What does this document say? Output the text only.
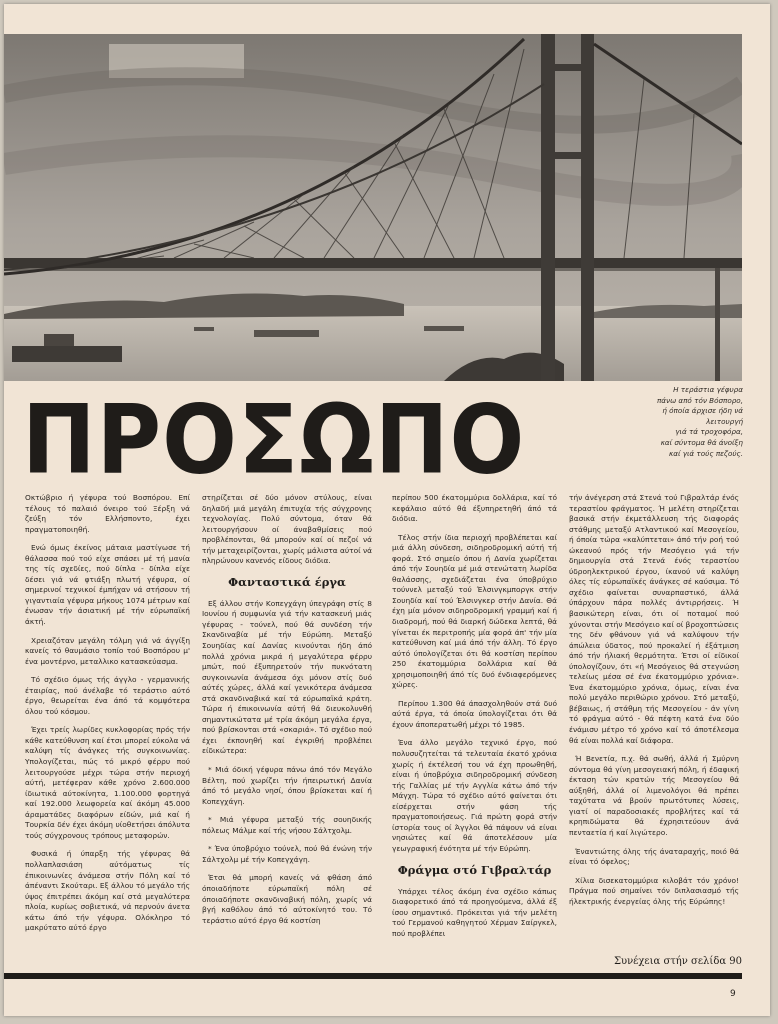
Η τεράστια γέφυρα
πάνω από τόν Βόσπορο,
ή όποία άρχισε ήδη νά λειτουργή
γιά τά τροχοφόρα,
καί σύντομα θά άνοίξη
καί γιά τούς πεζούς.
ΠΡΟΣΩΠΟ

Οκτώβριο ή γέφυρα τού Βοσπόρου. Επί τέλους τό παλαιό όνειρο τού Ξέρξη νά ζεύξη τόν Ελλήσποντο, έχει πραγματοποιηθή.

Ενώ όμως έκείνος μάταια μαστίγωσε τή θάλασσα πού τού είχε σπάσει μέ τή μανία της τίς σχεδίες, πού δίπλα - δίπλα είχε δέσει γιά νά φτιάξη πλωτή γέφυρα, οί σημερινοί τεχνικοί έμπήχαν νά στήσουν τή γιγαντιαία γέφυρα μήκους 1074 μέτρων καί ένωσαν τήν άσιατική μέ τήν εύρωπαϊκή άκτή.

Χρειαζόταν μεγάλη τόλμη γιά νά άγγίξη κανείς τό θαυμάσιο τοπίο τού Βοσπόρου μ' ένα μοντέρνο, μεταλλικο κατασκεύασμα.

Τό σχέδιο όμως τής άγγλο - γερμανικής έταιρίας, πού άνέλαβε τό τεράστιο αύτό έργο, θεωρείται ένα άπό τά κομψότερα όλου τού κόσμου.

Έχει τρείς λωρίδες κυκλοφορίας πρός τήν κάθε κατεύθυνση καί έτσι μπορεί εύκολα νά καλύψη τίς άνάγκες τής συγκοινωνίας. Υπολογίζεται, πώς τό μικρό φέρρυ πού λειτουργούσε μέχρι τώρα στήν περιοχή αύτή, μετέφεραν κάθε χρόνο 2.600.000 ίδιωτικά αύτοκίνητα, 1.100.000 φορτηγά καί 192.000 λεωφορεία καί άκόμη 45.000 άραματάδες διαφόρων είδών, μιά καί ή Τουρκία δέν έχει άκόμη υίοθετήσει άπόλυτα τούς σύγχρονους τρόπους μεταφορών.

Φυσικά ή ύπαρξη τής γέφυρας θά πολλαπλασιάση αύτόματως τίς έπικοινωνίες άνάμεσα στήν Πόλη καί τό άπέναντι Σκούταρι. Εξ άλλου τό μεγάλο τής ύψος έπιτρέπει άκόμη καί στά μεγαλύτερα πλοία, κυρίως σοβιετικά, νά περνούν άνετα κάτω άπό τήν γέφυρα. Ολόκληρο τό μακρύτατο αύτό έργο

στηρίζεται σέ δύο μόνον στύλους, είναι δηλαδή μιά μεγάλη έπιτυχία τής σύγχρονης τεχνολογίας. Πολύ σύντομα, όταν θά λειτουργήσουν οί άναβαθμίσεις πού προβλέπονται, θά μπορούν καί οί πεζοί νά τήν μεταχειρίζονται, χωρίς μάλιστα αύτοί νά πληρώνουν κανενός είδους διόδια.

Φανταστικά έργα

Εξ άλλου στήν Κοπεγχάγη ύπεγράφη στίς 8 Ιουνίου ή συμφωνία γιά τήν κατασκευή μιάς γέφυρας - τούνελ, πού θά συνδέση τήν Σκανδιναβία μέ τήν Εύρώπη. Μεταξύ Σουηδίας καί Δανίας κινούνται ήδη άπό πολλά χρόνια μικρά ή μεγαλύτερα φέρρυ μπώτ, πού έξυπηρετούν τήν πυκνότατη συγκοινωνία άνάμεσα όχι μόνον στίς δυό αύτές χώρες, άλλά καί γενικότερα άνάμεσα στά σκανδιναβικά καί τά εύρωπαϊκά κράτη. Τώρα ή έπικοινωνία αύτή θά διευκολυνθή σημαντικώτατα μέ τρία άκόμη μεγάλα έργα, πού βρίσκονται στά «σκαριά». Τό σχέδιο πού έχει έκπονηθή καί έγκριθή προβλέπει είδικώτερα:

* Μιά όδική γέφυρα πάνω άπό τόν Μεγάλο Βέλτη, πού χωρίζει τήν ήπειρωτική Δανία άπό τό μεγάλο νησί, όπου βρίσκεται καί ή Κοπεγχάγη.

* Μιά γέφυρα μεταξύ τής σουηδικής πόλεως Μάλμε καί τής νήσου Σάλτχολμ.

* Ένα ύποβρύχιο τούνελ, πού θά ένώνη τήν Σάλτχολμ μέ τήν Κοπεγχάγη.

Έτσι θά μπορή κανείς νά φθάση άπό όποιαδήποτε εύρωπαϊκή πόλη σέ όποιαδήποτε σκανδιναβική πόλη, χωρίς νά βγή καθόλου άπό τό αύτοκίνητό του. Τό τεράστιο αύτό έργο θά κοστίση

περίπου 500 έκατομμύρια δολλάρια, καί τό κεφάλαιο αύτό θά έξυπηρετηθή άπό τά διόδια.

Τέλος στήν ίδια περιοχή προβλέπεται καί μιά άλλη σύνδεση, σιδηροδρομική αύτή τή φορά. Στό σημείο όπου ή Δανία χωρίζεται άπό τήν Σουηδία μέ μιά στενώτατη λωρίδα θαλάσσης, σχεδιάζεται ένα ύποβρύχιο τούννελ μεταξύ τού Έλσινγκμποργκ στήν Σουηδία καί τού Έλσινγκερ στήν Δανία. Θά έχη μία μόνον σιδηροδρομική γραμμή καί ή διαδρομή, πού θά διαρκή δώδεκα λεπτά, θά γίνεται έκ περιτροπής μία φορά άπ' τήν μία κατεύθυνση καί μιά άπό τήν άλλη. Τό έργο αύτό ύπολογίζεται ότι θά κοστίση περίπου 250 έκατομμύρια δολλάρια καί θά χρησιμοποιηθή άπό τίς δυό ένδιαφερόμενες χώρες.

Περίπου 1.300 θά άπασχοληθούν στά δυό αύτά έργα, τά όποία ύπολογίζεται ότι θά έχουν άποπερατωθή μέχρι τό 1985.

Ένα άλλο μεγάλο τεχνικό έργο, πού πολυσυζητείται τά τελευταία έκατό χρόνια χωρίς ή έκτέλεσή του νά έχη προωθηθή, είναι ή ύποβρύχια σιδηροδρομική σύνδεση τής Γαλλίας μέ τήν Αγγλία κάτω άπό τήν Μάγχη. Τώρα τό σχέδιο αύτό φαίνεται ότι είσέρχεται στήν φάση τής πραγματοποιήσεως. Γιά πρώτη φορά στήν ίστορία τους οί Άγγλοι θά πάψουν νά είναι νησιώτες καί θά άποτελέσουν μία γεωγραφική ένότητα μέ τήν Εύρώπη.

Φράγμα στό Γιβραλτάρ

Υπάρχει τέλος άκόμη ένα σχέδιο κάπως διαφορετικό άπό τά προηγούμενα, άλλά έξ ίσου σημαντικό. Πρόκειται γιά τήν μελέτη τού Γερμανού καθηγητού Χέρμαν Σαίργκελ, πού προβλέπει

τήν άνέγερση στά Στενά τού Γιβραλτάρ ένός τεραστίου φράγματος. Ή μελέτη στηρίζεται βασικά στήν έκμετάλλευση τής διαφοράς στάθμης μεταξύ Ατλαντικού καί Μεσογείου, ή όποία τώρα «καλύπτεται» άπό τήν ροή τού ώκεανού πρός τήν Μεσόγειο γιά τήν δημιουργία στά Στενά ένός τεραστίου ύδροηλεκτρικού έργου, ίκανού νά καλύψη όλες τίς εύρωπαϊκές άνάγκες σέ καύσιμα. Τό σχέδιο φαίνεται συναρπαστικό, άλλά ύπάρχουν πάρα πολλές άντιρρήσεις. Ή βασικώτερη είναι, ότι οί ποταμοί πού χύνονται στήν Μεσόγειο καί οί βροχοπτώσεις της δέν φθάνουν γιά νά καλύψουν τήν άπώλεια ύδατος, πού προκαλεί ή έξάτμιση άπό τήν ήλιακή θερμότητα. Έτσι οί είδικοί ύπολογίζουν, ότι «ή Μεσόγειος θά στεγνώση τελείως μέσα σέ ένα έκατομμύριο χρόνια». Ένα έκατομμύριο χρόνια, όμως, είναι ένα πολύ μεγάλο περιθώριο χρόνου. Στό μεταξύ, βέβαιως, ή στάθμη τής Μεσογείου - άν γίνη τό φράγμα αύτό - θά πέφτη κατά ένα δύο ένάμισυ μέτρο τό χρόνο καί τό άποτέλεσμα θά είναι πολλά καί διάφορα.

Ή Βενετία, π.χ. θά σωθή, άλλά ή Σμύρνη σύντομα θά γίνη μεσογειακή πόλη, ή έδαφική έκταση τών κρατών τής Μεσογείου θά αύξηθή, άλλά οί λιμενολόγοι θά πρέπει ταχύτατα νά βρούν πρωτότυπες λύσεις, γιατί οί παραδοσιακές προβλήτες καί τά κρηπιδώματα θά έχρησιτεύουν άνά πενταετία ή καί λιγώτερο.

Έναντιώτης όλης τής άναταραχής, ποιό θά είναι τό όφελος;

Χίλια δισεκατομμύρια κιλοβάτ τόν χρόνο! Πράγμα πού σημαίνει τόν διπλασιασμό τής ήλεκτρικής ένεργείας όλης τής Εύρώπης!

Συνέχεια στήν σελίδα 90
9
